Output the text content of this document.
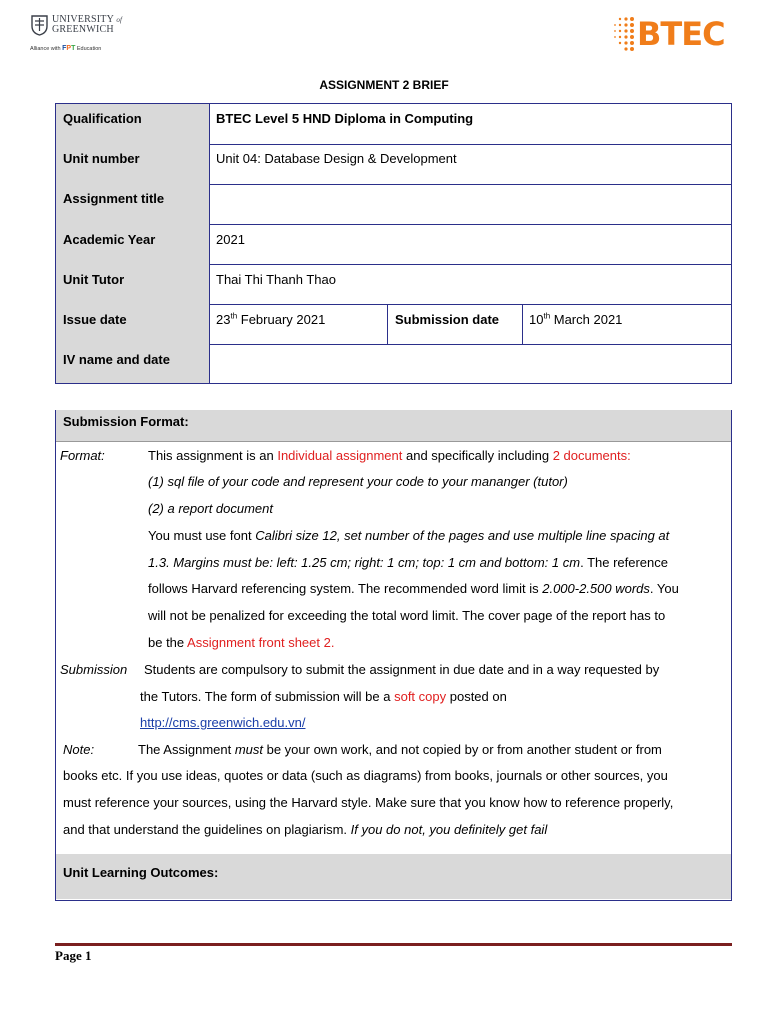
UNIVERSITY of
GREENWICH
Alliance with FPT Education	BTEC
ASSIGNMENT 2 BRIEF
Qualification	BTEC Level 5 HND Diploma in Computing
Unit number	Unit 04: Database Design & Development
Assignment title
Academic Year	2021
Unit Tutor	Thai Thi Thanh Thao
Issue date	23th February 2021	Submission date 10th March 2021
IV name and date
Submission Format:
Format:	This assignment is an Individual assignment and specifically including 2 documents:
(1) sql file of your code and represent your code to your mananger (tutor)
(2) a report document
You must use font Calibri size 12, set number of the pages and use multiple line spacing at
1.3. Margins must be: left: 1.25 cm; right: 1 cm; top: 1 cm and bottom: 1 cm. The reference
follows Harvard referencing system. The recommended word limit is 2.000-2.500 words. You
will not be penalized for exceeding the total word limit. The cover page of the report has to
be the Assignment front sheet 2.
Submission Students are compulsory to submit the assignment in due date and in a way requested by
the Tutors. The form of submission will be a soft copy posted on
http://cms.greenwich.edu.vn/
Note:	The Assignment must be your own work, and not copied by or from another student or from
books etc. If you use ideas, quotes or data (such as diagrams) from books, journals or other sources, you
must reference your sources, using the Harvard style. Make sure that you know how to reference properly,
and that understand the guidelines on plagiarism. If you do not, you definitely get fail
Unit Learning Outcomes:
Page 1
